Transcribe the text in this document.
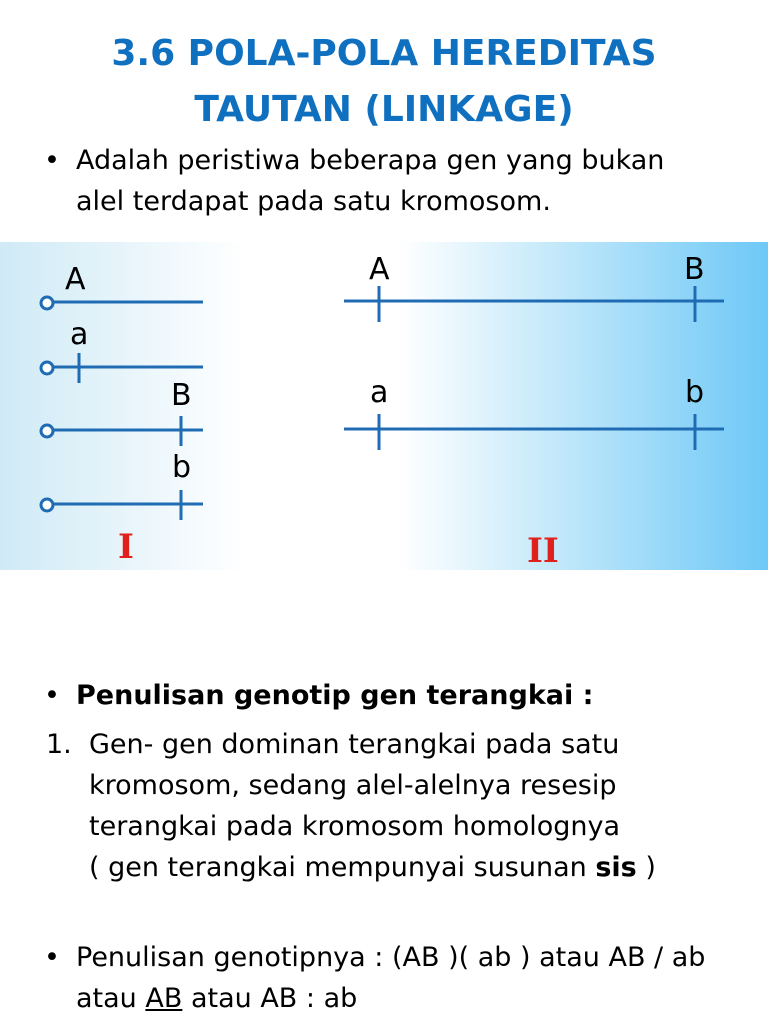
3.6 POLA-POLA HEREDITAS
TAUTAN (LINKAGE)
• Adalah peristiwa beberapa gen yang bukan
alel terdapat pada satu kromosom.
A
a
B
b
I
A	B
a	b
II
• Penulisan genotip gen terangkai :
1. Gen- gen dominan terangkai pada satu
kromosom, sedang alel-alelnya resesip
terangkai pada kromosom homolognya
( gen terangkai mempunyai susunan sis )
• Penulisan genotipnya : (AB )( ab ) atau AB / ab
atau AB atau AB : ab
